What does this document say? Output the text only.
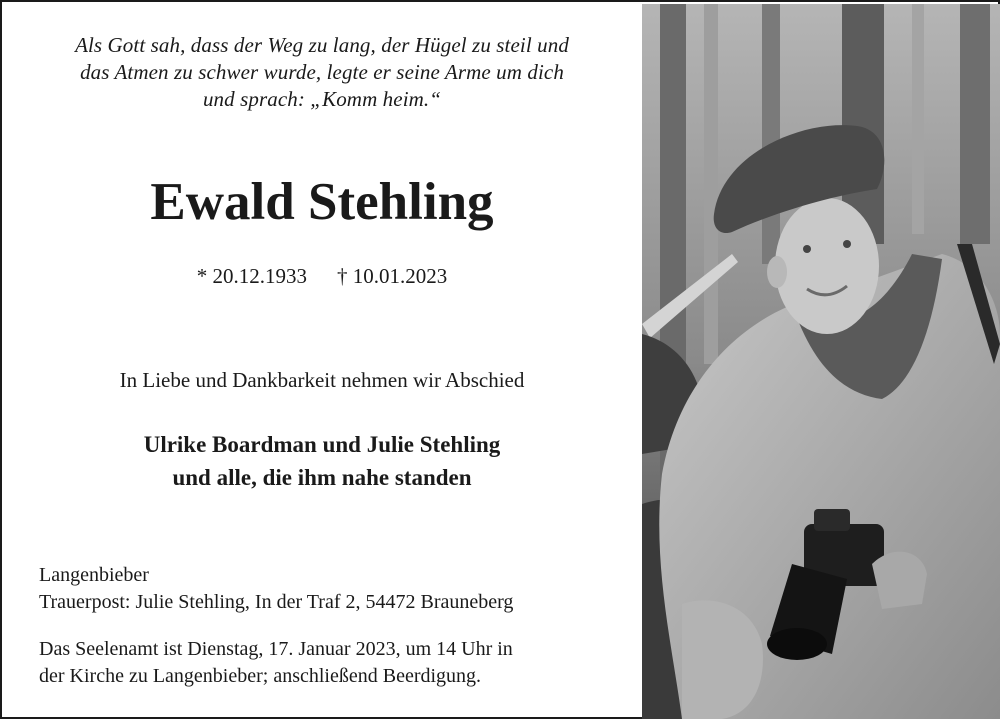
Als Gott sah, dass der Weg zu lang, der Hügel zu steil und
das Atmen zu schwer wurde, legte er seine Arme um dich
und sprach: „Komm heim.“
Ewald Stehling
* 20.12.1933 † 10.01.2023
In Liebe und Dankbarkeit nehmen wir Abschied
Ulrike Boardman und Julie Stehling
und alle, die ihm nahe standen
Langenbieber
Trauerpost: Julie Stehling, In der Traf 2, 54472 Brauneberg
Das Seelenamt ist Dienstag, 17. Januar 2023, um 14 Uhr in
der Kirche zu Langenbieber; anschließend Beerdigung.
